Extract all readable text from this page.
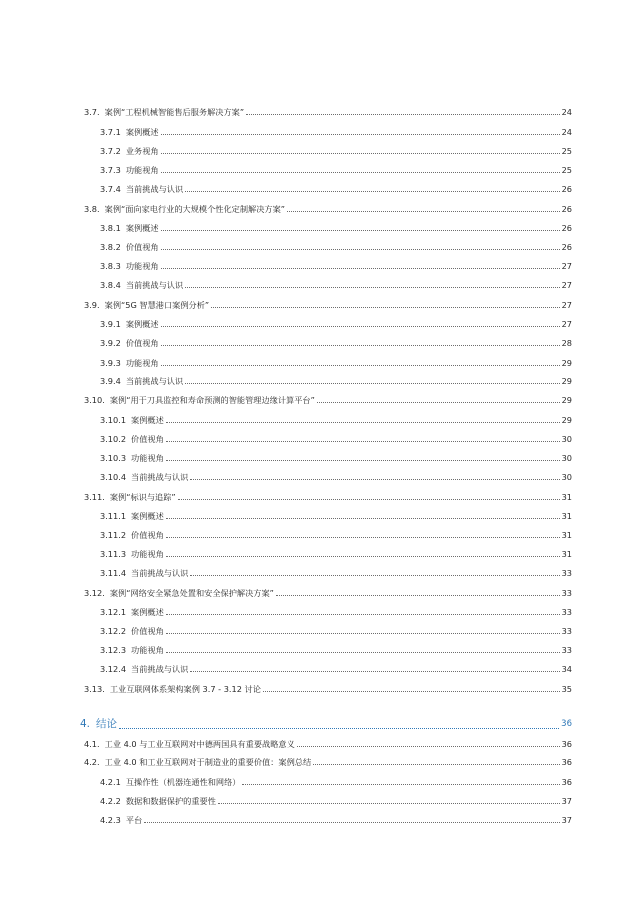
3.7. 案例“工程机械智能售后服务解决方案”	24
3.7.1 案例概述	24
3.7.2 业务视角	25
3.7.3 功能视角	25
3.7.4 当前挑战与认识	26
3.8. 案例“面向家电行业的大规模个性化定制解决方案”	26
3.8.1 案例概述	26
3.8.2 价值视角	26
3.8.3 功能视角	27
3.8.4 当前挑战与认识	27
3.9. 案例“5G 智慧港口案例分析”	27
3.9.1 案例概述	27
3.9.2 价值视角	28
3.9.3 功能视角	29
3.9.4 当前挑战与认识	29
3.10. 案例“用于刀具监控和寿命预测的智能管理边缘计算平台”	29
3.10.1 案例概述	29
3.10.2 价值视角	30
3.10.3 功能视角	30
3.10.4 当前挑战与认识	30
3.11. 案例“标识与追踪”	31
3.11.1 案例概述	31
3.11.2 价值视角	31
3.11.3 功能视角	31
3.11.4 当前挑战与认识	33
3.12. 案例“网络安全紧急处置和安全保护解决方案”	33
3.12.1 案例概述	33
3.12.2 价值视角	33
3.12.3 功能视角	33
3.12.4 当前挑战与认识	34
3.13. 工业互联网体系架构案例 3.7 - 3.12 讨论	35
4. 结论	36
4.1. 工业 4.0 与工业互联网对中德两国具有重要战略意义	36
4.2. 工业 4.0 和工业互联网对于制造业的重要价值：案例总结	36
4.2.1 互操作性（机器连通性和网络）	36
4.2.2 数据和数据保护的重要性	37
4.2.3 平台	37
